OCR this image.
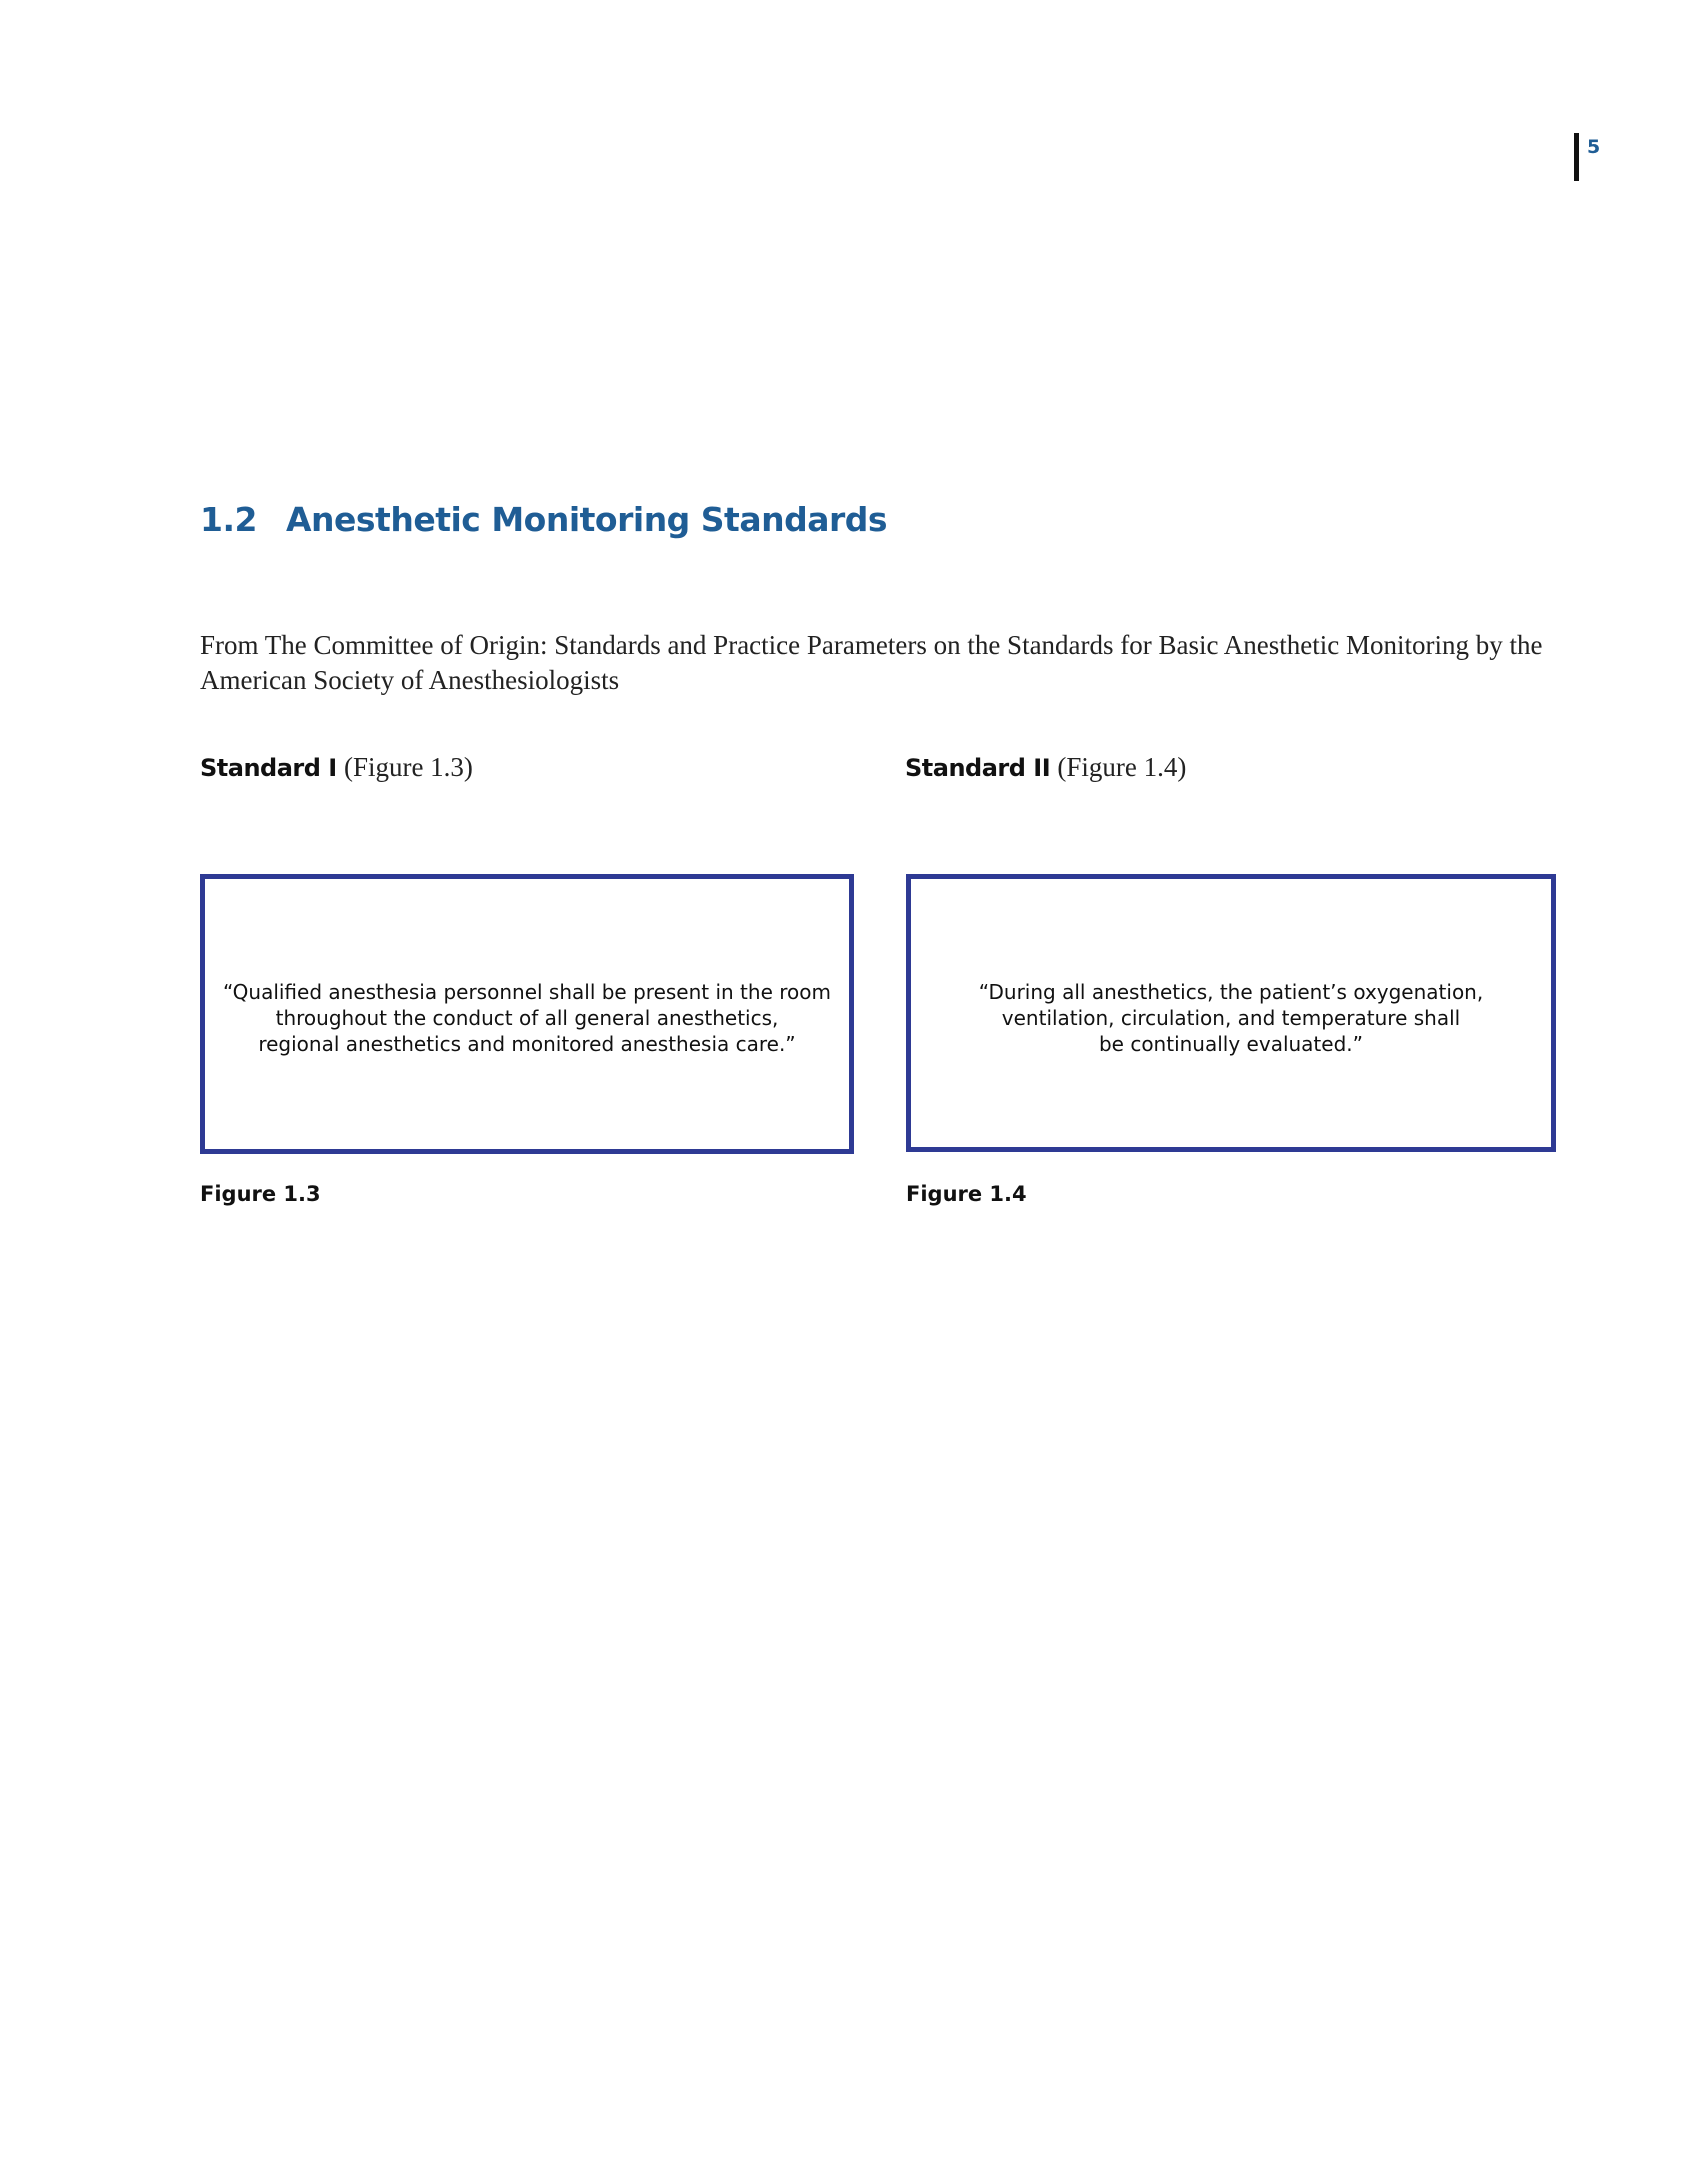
5
1.2 Anesthetic Monitoring Standards

From The Committee of Origin: Standards and Practice Parameters on the Standards for Basic Anesthetic Monitoring by the American Society of Anesthesiologists

Standard I (Figure 1.3)	Standard II (Figure 1.4)
“Qualified anesthesia personnel shall be present in the room
throughout the conduct of all general anesthetics,
regional anesthetics and monitored anesthesia care.”
“During all anesthetics, the patient’s oxygenation,
ventilation, circulation, and temperature shall
be continually evaluated.”
Figure 1.3	Figure 1.4
